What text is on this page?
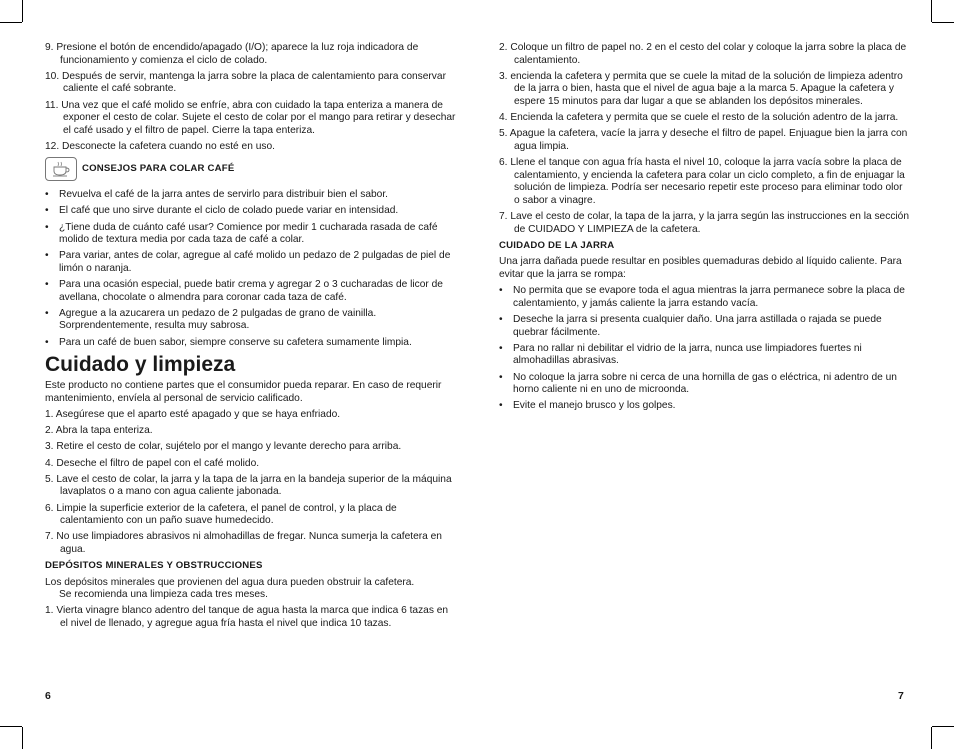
9. Presione el botón de encendido/apagado (I/O); aparece la luz roja indicadora de funcionamiento y comienza el ciclo de colado.
10. Después de servir, mantenga la jarra sobre la placa de calentamiento para conservar caliente el café sobrante.
11. Una vez que el café molido se enfríe, abra con cuidado la tapa enteriza a manera de exponer el cesto de colar. Sujete el cesto de colar por el mango para retirar y desechar el café usado y el filtro de papel. Cierre la tapa enteriza.
12. Desconecte la cafetera cuando no esté en uso.
CONSEJOS PARA COLAR CAFÉ
• Revuelva el café de la jarra antes de servirlo para distribuir bien el sabor.
• El café que uno sirve durante el ciclo de colado puede variar en intensidad.
• ¿Tiene duda de cuánto café usar? Comience por medir 1 cucharada rasada de café molido de textura media por cada taza de café a colar.
• Para variar, antes de colar, agregue al café molido un pedazo de 2 pulgadas de piel de limón o naranja.
• Para una ocasión especial, puede batir crema y agregar 2 o 3 cucharadas de licor de avellana, chocolate o almendra para coronar cada taza de café.
• Agregue a la azucarera un pedazo de 2 pulgadas de grano de vainilla. Sorprendentemente, resulta muy sabrosa.
• Para un café de buen sabor, siempre conserve su cafetera sumamente limpia.
Cuidado y limpieza
Este producto no contiene partes que el consumidor pueda reparar. En caso de requerir mantenimiento, envíela al personal de servicio calificado.
1. Asegúrese que el aparto esté apagado y que se haya enfriado.
2. Abra la tapa enteriza.
3. Retire el cesto de colar, sujételo por el mango y levante derecho para arriba.
4. Deseche el filtro de papel con el café molido.
5. Lave el cesto de colar, la jarra y la tapa de la jarra en la bandeja superior de la máquina lavaplatos o a mano con agua caliente jabonada.
6. Limpie la superficie exterior de la cafetera, el panel de control, y la placa de calentamiento con un paño suave humedecido.
7. No use limpiadores abrasivos ni almohadillas de fregar. Nunca sumerja la cafetera en agua.
DEPÓSITOS MINERALES Y OBSTRUCCIONES
Los depósitos minerales que provienen del agua dura pueden obstruir la cafetera.
Se recomienda una limpieza cada tres meses.
1. Vierta vinagre blanco adentro del tanque de agua hasta la marca que indica 6 tazas en el nivel de llenado, y agregue agua fría hasta el nivel que indica 10 tazas.
6
2. Coloque un filtro de papel no. 2 en el cesto del colar y coloque la jarra sobre la placa de calentamiento.
3. encienda la cafetera y permita que se cuele la mitad de la solución de limpieza adentro de la jarra o bien, hasta que el nivel de agua baje a la marca 5. Apague la cafetera y espere 15 minutos para dar lugar a que se ablanden los depósitos minerales.
4. Encienda la cafetera y permita que se cuele el resto de la solución adentro de la jarra.
5. Apague la cafetera, vacíe la jarra y deseche el filtro de papel. Enjuague bien la jarra con agua limpia.
6. Llene el tanque con agua fría hasta el nivel 10, coloque la jarra vacía sobre la placa de calentamiento, y encienda la cafetera para colar un ciclo completo, a fin de enjuagar la solución de limpieza. Podría ser necesario repetir este proceso para eliminar todo olor o sabor a vinagre.
7. Lave el cesto de colar, la tapa de la jarra, y la jarra según las instrucciones en la sección de CUIDADO Y LIMPIEZA de la cafetera.
CUIDADO DE LA JARRA
Una jarra dañada puede resultar en posibles quemaduras debido al líquido caliente. Para evitar que la jarra se rompa:
• No permita que se evapore toda el agua mientras la jarra permanece sobre la placa de calentamiento, y jamás caliente la jarra estando vacía.
• Deseche la jarra si presenta cualquier daño. Una jarra astillada o rajada se puede quebrar fácilmente.
• Para no rallar ni debilitar el vidrio de la jarra, nunca use limpiadores fuertes ni almohadillas abrasivas.
• No coloque la jarra sobre ni cerca de una hornilla de gas o eléctrica, ni adentro de un horno caliente ni en uno de microonda.
• Evite el manejo brusco y los golpes.
7
